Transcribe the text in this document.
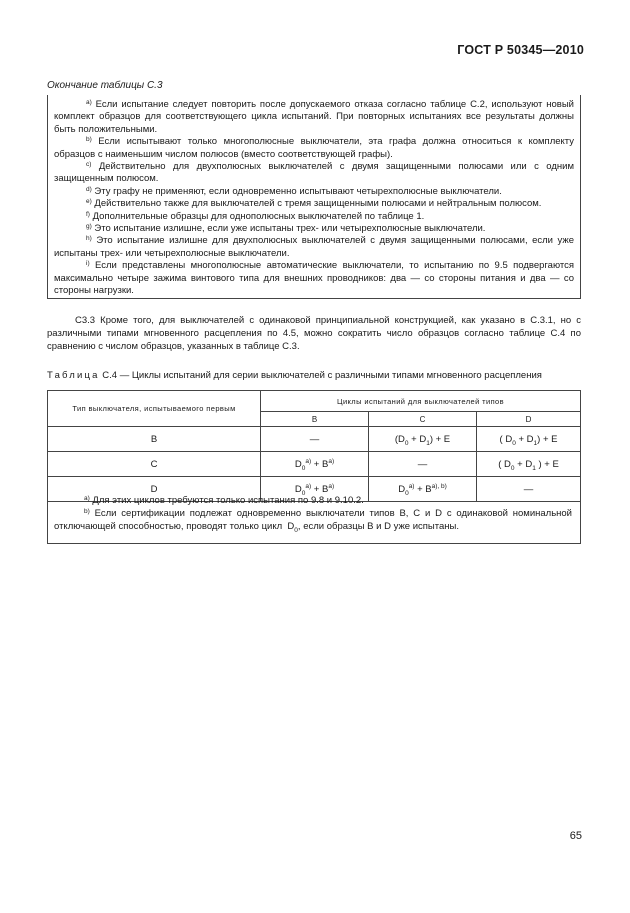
ГОСТ Р 50345—2010
Окончание таблицы С.3

$^{a)}$ Если испытание следует повторить после допускаемого отказа согласно таблице С.2, используют новый комплект образцов для соответствующего цикла испытаний. При повторных испытаниях все результаты должны быть положительными.

$^{b)}$ Если испытывают только многополюсные выключатели, эта графа должна относиться к комплекту образцов с наименьшим числом полюсов (вместо соответствующей графы).

$^{c)}$ Действительно для двухполюсных выключателей с двумя защищенными полюсами или с одним защищенным полюсом.

$^{d)}$ Эту графу не применяют, если одновременно испытывают четырехполюсные выключатели.

$^{e)}$ Действительно также для выключателей с тремя защищенными полюсами и нейтральным полюсом.

$^{f)}$ Дополнительные образцы для однополюсных выключателей по таблице 1.

$^{g)}$ Это испытание излишне, если уже испытаны трех- или четырехполюсные выключатели.

$^{h)}$ Это испытание излишне для двухполюсных выключателей с двумя защищенными полюсами, если уже испытаны трех- или четырехполюсные выключатели.

$^{i)}$ Если представлены многополюсные автоматические выключатели, то испытанию по 9.5 подвергаются максимально четыре зажима винтового типа для внешних проводников: два — со стороны питания и два — со стороны нагрузки.

С3.3 Кроме того, для выключателей с одинаковой принципиальной конструкцией, как указано в С.3.1, но с различными типами мгновенного расцепления по 4.5, можно сократить число образцов согласно таблице С.4 по сравнению с числом образцов, указанных в таблице С.3.
Таблица С.4 — Циклы испытаний для серии выключателей с различными типами мгновенного расцепления
Тип выключателя, испытываемого первым	Циклы испытаний для выключателей типов		
	B	C	D
B	—	$(D_0 + D_1) + E$	( $D_0 + D_1) + E$
C	$D_0^{a)} + B^{a)}$	—	( $D_0 + D_1$ ) + E
D	$D_0^{a)} + B^{a)}$	$D_0^{a)} + B^{a), b)}$	—
$^{a)}$ Для этих циклов требуются только испытания по 9.8 и 9.10.2.
$^{b)}$ Если сертификации подлежат одновременно выключатели типов B, C и D с одинаковой номинальной отключающей способностью, проводят только цикл  $D_0$, если образцы B и D уже испытаны.
65
